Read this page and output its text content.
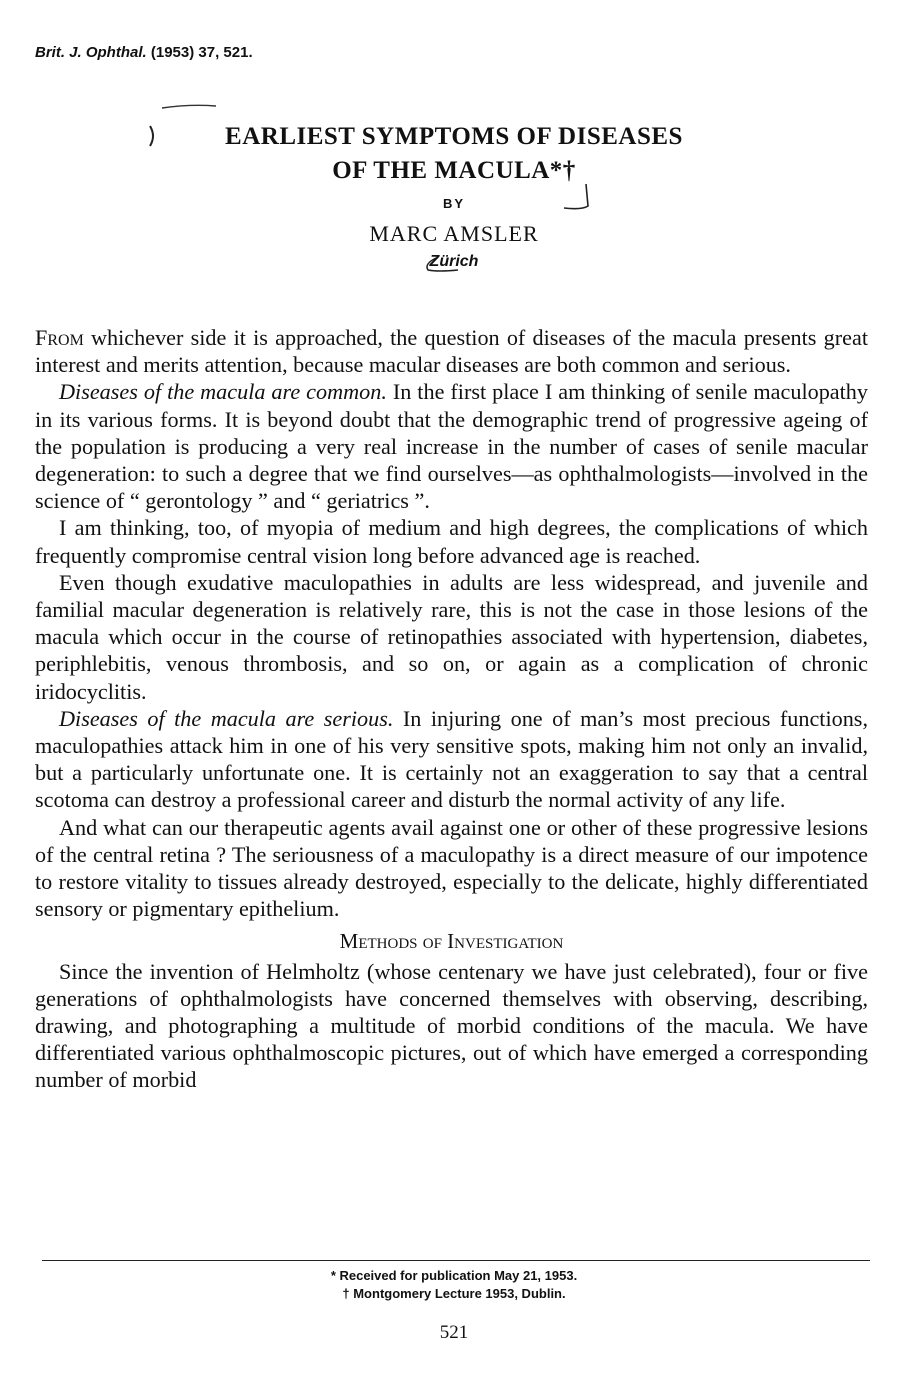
Brit. J. Ophthal. (1953) 37, 521.
EARLIEST SYMPTOMS OF DISEASES
OF THE MACULA*†
BY
MARC AMSLER
Zürich

From whichever side it is approached, the question of diseases of the macula presents great interest and merits attention, because macular diseases are both common and serious.

Diseases of the macula are common. In the first place I am thinking of senile maculopathy in its various forms. It is beyond doubt that the demographic trend of progressive ageing of the population is producing a very real increase in the number of cases of senile macular degeneration: to such a degree that we find ourselves—as ophthalmologists—involved in the science of “ gerontology ” and “ geriatrics ”.

I am thinking, too, of myopia of medium and high degrees, the complications of which frequently compromise central vision long before advanced age is reached.

Even though exudative maculopathies in adults are less widespread, and juvenile and familial macular degeneration is relatively rare, this is not the case in those lesions of the macula which occur in the course of retinopathies associated with hypertension, diabetes, periphlebitis, venous thrombosis, and so on, or again as a complication of chronic iridocyclitis.

Diseases of the macula are serious. In injuring one of man’s most precious functions, maculopathies attack him in one of his very sensitive spots, making him not only an invalid, but a particularly unfortunate one. It is certainly not an exaggeration to say that a central scotoma can destroy a professional career and disturb the normal activity of any life.

And what can our therapeutic agents avail against one or other of these progressive lesions of the central retina ? The seriousness of a maculopathy is a direct measure of our impotence to restore vitality to tissues already destroyed, especially to the delicate, highly differentiated sensory or pigmentary epithelium.

Methods of Investigation

Since the invention of Helmholtz (whose centenary we have just celebrated), four or five generations of ophthalmologists have concerned themselves with observing, describing, drawing, and photographing a multitude of morbid conditions of the macula. We have differentiated various ophthalmoscopic pictures, out of which have emerged a corresponding number of morbid

* Received for publication May 21, 1953.
† Montgomery Lecture 1953, Dublin.
521
